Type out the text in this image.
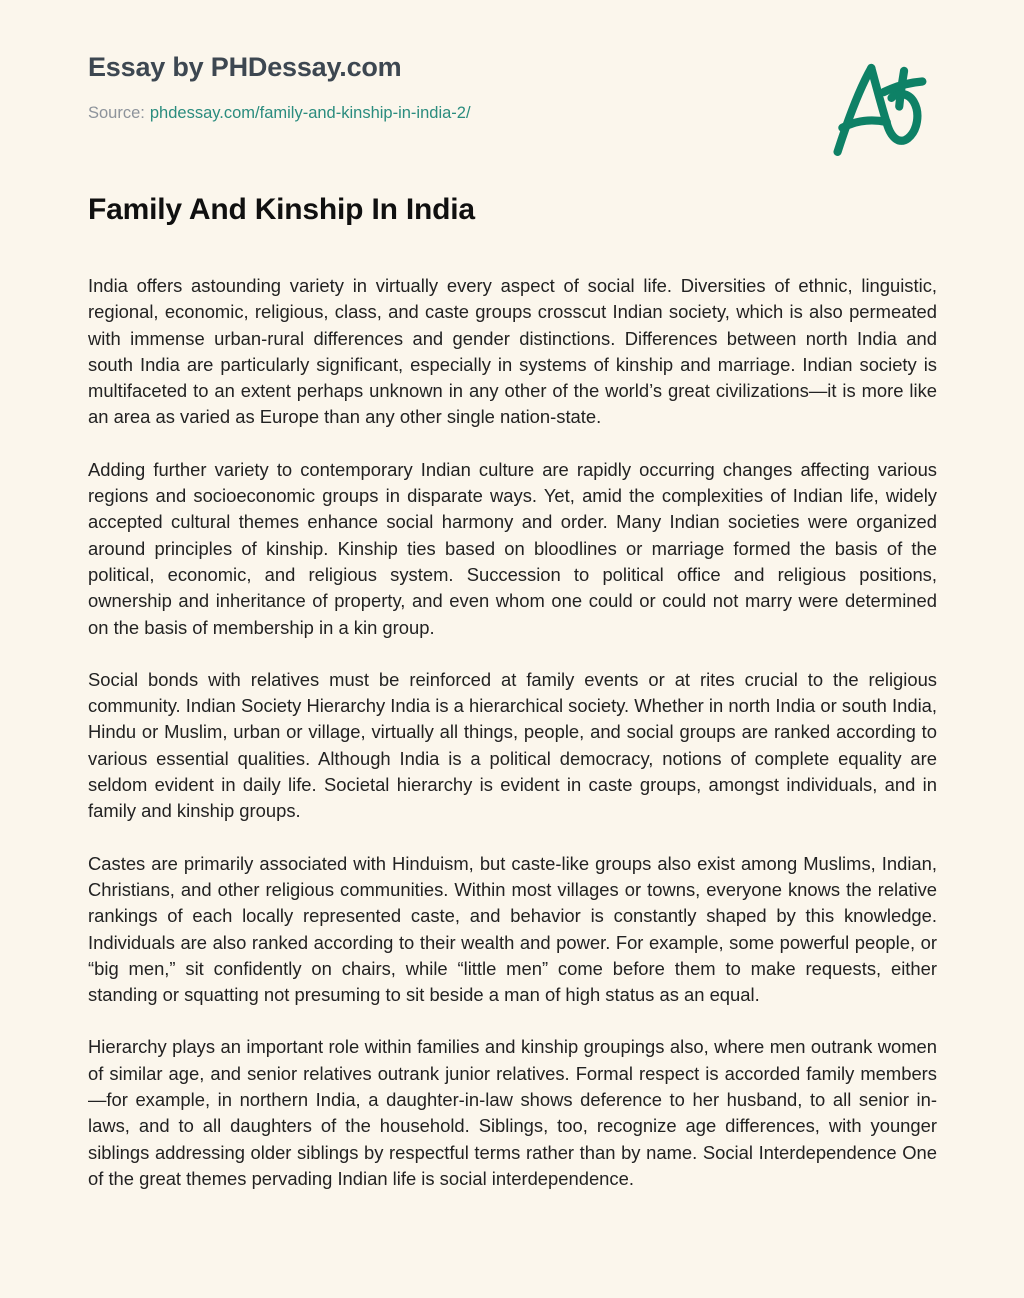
Essay by PHDessay.com
Source: phdessay.com/family-and-kinship-in-india-2/
Family And Kinship In India

India offers astounding variety in virtually every aspect of social life. Diversities of ethnic, linguistic, regional, economic, religious, class, and caste groups crosscut Indian society, which is also permeated with immense urban-rural differences and gender distinctions. Differences between north India and south India are particularly significant, especially in systems of kinship and marriage. Indian society is multifaceted to an extent perhaps unknown in any other of the world’s great civilizations—it is more like an area as varied as Europe than any other single nation-state.

Adding further variety to contemporary Indian culture are rapidly occurring changes affecting various regions and socioeconomic groups in disparate ways. Yet, amid the complexities of Indian life, widely accepted cultural themes enhance social harmony and order. Many Indian societies were organized around principles of kinship. Kinship ties based on bloodlines or marriage formed the basis of the political, economic, and religious system. Succession to political office and religious positions, ownership and inheritance of property, and even whom one could or could not marry were determined on the basis of membership in a kin group.

Social bonds with relatives must be reinforced at family events or at rites crucial to the religious community. Indian Society Hierarchy India is a hierarchical society. Whether in north India or south India, Hindu or Muslim, urban or village, virtually all things, people, and social groups are ranked according to various essential qualities. Although India is a political democracy, notions of complete equality are seldom evident in daily life. Societal hierarchy is evident in caste groups, amongst individuals, and in family and kinship groups.

Castes are primarily associated with Hinduism, but caste-like groups also exist among Muslims, Indian, Christians, and other religious communities. Within most villages or towns, everyone knows the relative rankings of each locally represented caste, and behavior is constantly shaped by this knowledge. Individuals are also ranked according to their wealth and power. For example, some powerful people, or “big men,” sit confidently on chairs, while “little men” come before them to make requests, either standing or squatting not presuming to sit beside a man of high status as an equal.

Hierarchy plays an important role within families and kinship groupings also, where men outrank women of similar age, and senior relatives outrank junior relatives. Formal respect is accorded family members—for example, in northern India, a daughter-in-law shows deference to her husband, to all senior in-laws, and to all daughters of the household. Siblings, too, recognize age differences, with younger siblings addressing older siblings by respectful terms rather than by name. Social Interdependence One of the great themes pervading Indian life is social interdependence.
